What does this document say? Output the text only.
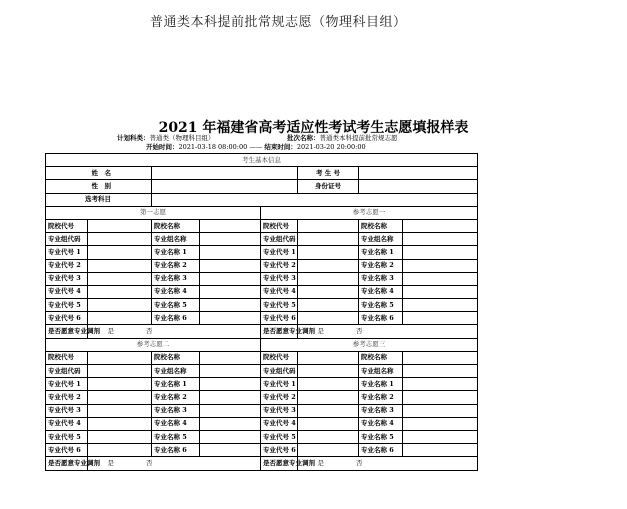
普通类本科提前批常规志愿（物理科目组）
2021 年福建省高考适应性考试考生志愿填报样表
计划科类：普通类（物理科目组）	批次名称：普通类本科提前批常规志愿
开始时间：2021-03-18 08:00:00 —— 结束时间：2021-03-20 20:00:00
考生基本信息							
姓　名					考 生 号		
性　别					身份证号		
选考科目							
第一志愿				参考志愿一			
院校代号		院校名称		院校代号		院校名称	
专业组代码		专业组名称		专业组代码		专业组名称	
专业代号 1		专业名称 1		专业代号 1		专业名称 1	
专业代号 2		专业名称 2		专业代号 2		专业名称 2	
专业代号 3		专业名称 3		专业代号 3		专业名称 3	
专业代号 4		专业名称 4		专业代号 4		专业名称 4	
专业代号 5		专业名称 5		专业代号 5		专业名称 5	
专业代号 6		专业名称 6		专业代号 6		专业名称 6	
是否愿意专业调剂	是 否			是否愿意专业调剂	是 否		
参考志愿二				参考志愿三			
院校代号		院校名称		院校代号		院校名称	
专业组代码		专业组名称		专业组代码		专业组名称	
专业代号 1		专业名称 1		专业代号 1		专业名称 1	
专业代号 2		专业名称 2		专业代号 2		专业名称 2	
专业代号 3		专业名称 3		专业代号 3		专业名称 3	
专业代号 4		专业名称 4		专业代号 4		专业名称 4	
专业代号 5		专业名称 5		专业代号 5		专业名称 5	
专业代号 6		专业名称 6		专业代号 6		专业名称 6	
是否愿意专业调剂	是 否			是否愿意专业调剂	是 否		
